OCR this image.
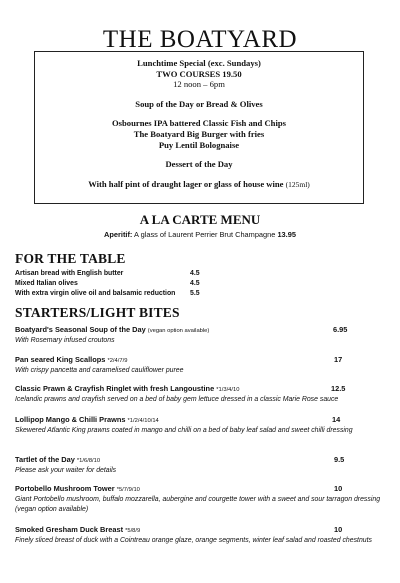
THE BOATYARD
Lunchtime Special (exc. Sundays)
TWO COURSES 19.50
12 noon – 6pm
Soup of the Day or Bread & Olives
Osbournes IPA battered Classic Fish and Chips
The Boatyard Big Burger with fries
Puy Lentil Bolognaise
Dessert of the Day
With half pint of draught lager or glass of house wine (125ml)
A LA CARTE MENU
Aperitif: A glass of Laurent Perrier Brut Champagne 13.95
FOR THE TABLE
Artisan bread with English butter	4.5
Mixed Italian olives	4.5
With extra virgin olive oil and balsamic reduction 5.5
STARTERS/LIGHT BITES
Boatyard's Seasonal Soup of the Day (vegan option available)	6.95
With Rosemary infused croutons
Pan seared King Scallops *2/4/7/9	17
With crispy pancetta and caramelised cauliflower puree
Classic Prawn & Crayfish Ringlet with fresh Langoustine *1/3/4/10	12.5
Icelandic prawns and crayfish served on a bed of baby gem lettuce dressed in a classic Marie Rose sauce
Lollipop Mango & Chilli Prawns *1/2/4/10/14	14
Skewered Atlantic King prawns coated in mango and chilli on a bed of baby leaf salad and sweet chilli dressing
Tartlet of the Day *1/6/8/10	9.5
Please ask your waiter for details
Portobello Mushroom Tower *5/7/9/10	10
Giant Portobello mushroom, buffalo mozzarella, aubergine and courgette tower with a sweet and sour tarragon dressing (vegan option available)
Smoked Gresham Duck Breast *5/8/9	10
Finely sliced breast of duck with a Cointreau orange glaze, orange segments, winter leaf salad and roasted chestnuts
